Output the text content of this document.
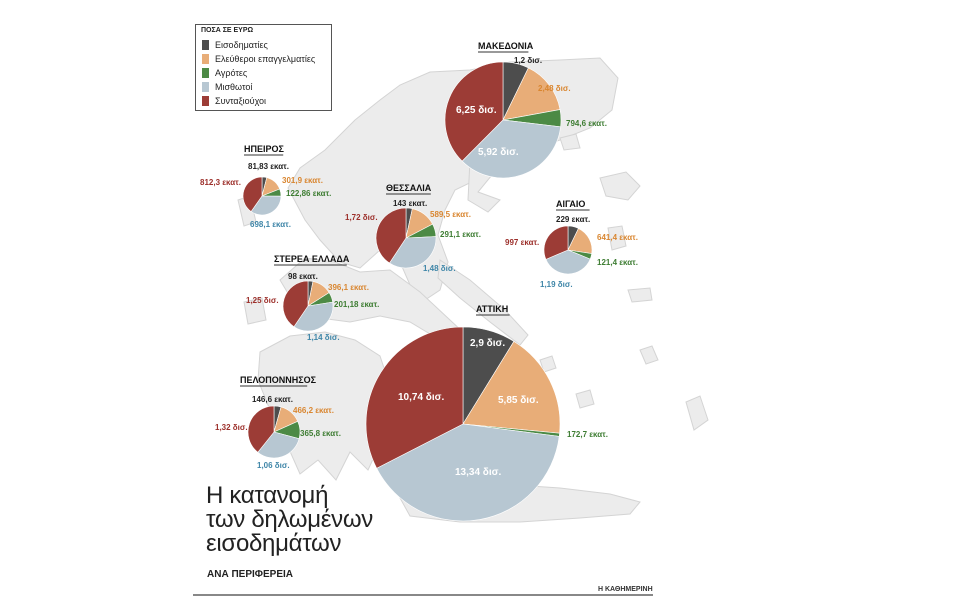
ΜΑΚΕΔΟΝΙΑ
1,2 δισ.
2,48 δισ.
794,6 εκατ.
5,92 δισ.
6,25 δισ.
ΗΠΕΙΡΟΣ
81,83 εκατ.
301,9 εκατ.
122,86 εκατ.
698,1 εκατ.
812,3 εκατ.
ΘΕΣΣΑΛΙΑ
143 εκατ.
589,5 εκατ.
291,1 εκατ.
1,48 δισ.
1,72 δισ.
ΑΙΓΑΙΟ
229 εκατ.
641,4 εκατ.
121,4 εκατ.
1,19 δισ.
997 εκατ.
ΣΤΕΡΕΑ ΕΛΛΑΔΑ
98 εκατ.
396,1 εκατ.
201,18 εκατ.
1,14 δισ.
1,25 δισ.
ΑΤΤΙΚΗ
2,9 δισ.
5,85 δισ.
172,7 εκατ.
13,34 δισ.
10,74 δισ.
ΠΕΛΟΠΟΝΝΗΣΟΣ
146,6 εκατ.
466,2 εκατ.
365,8 εκατ.
1,06 δισ.
1,32 δισ.
ΠΟΣΑ ΣΕ ΕΥΡΩ
Εισοδηματίες
Ελεύθεροι επαγγελματίες
Αγρότες
Μισθωτοί
Συνταξιούχοι
Η κατανομή
των δηλωμένων
εισοδημάτων
ΑΝΑ ΠΕΡΙΦΕΡΕΙΑ
Η ΚΑΘΗΜΕΡΙΝΗ
